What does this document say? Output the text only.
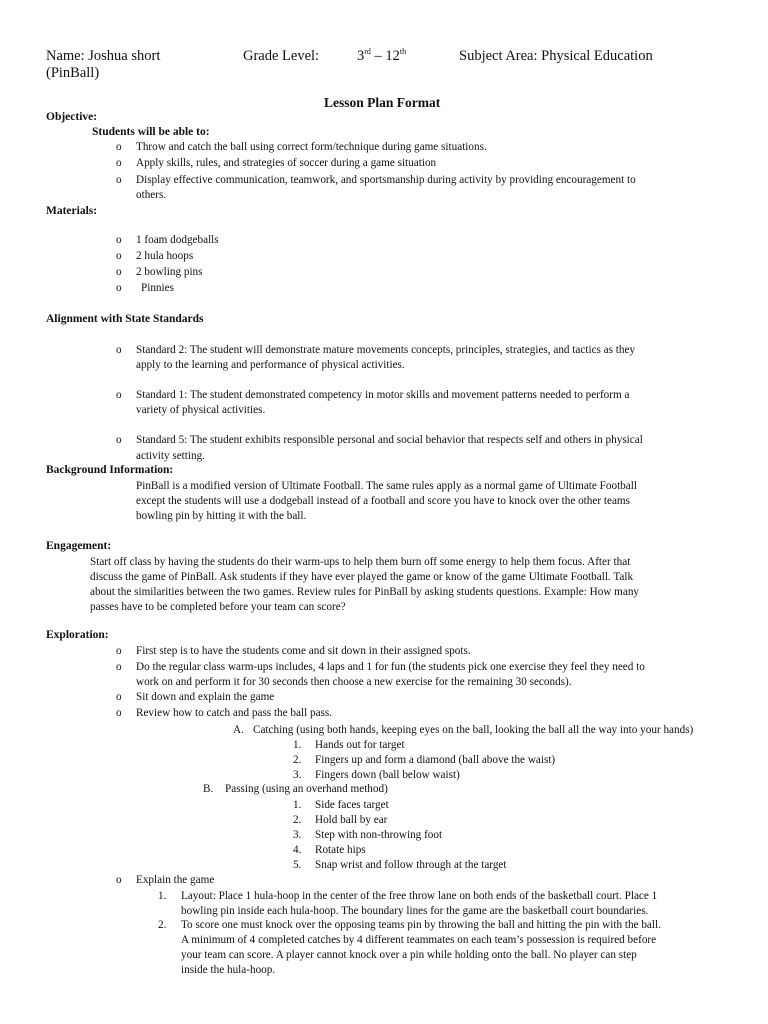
Name: Joshua short
(PinBall)
Grade Level:	3rd – 12th	Subject Area: Physical Education
Lesson Plan Format
Objective:
Students will be able to:
o Throw and catch the ball using correct form/technique during game situations.
o Apply skills, rules, and strategies of soccer during a game situation
o Display effective communication, teamwork, and sportsmanship during activity by providing encouragement to
others.
Materials:
o 1 foam dodgeballs
o 2 hula hoops
o 2 bowling pins
o Pinnies
Alignment with State Standards
o Standard 2: The student will demonstrate mature movements concepts, principles, strategies, and tactics as they
apply to the learning and performance of physical activities.
o Standard 1: The student demonstrated competency in motor skills and movement patterns needed to perform a
variety of physical activities.
o Standard 5: The student exhibits responsible personal and social behavior that respects self and others in physical
activity setting.
Background Information:
PinBall is a modified version of Ultimate Football. The same rules apply as a normal game of Ultimate Football
except the students will use a dodgeball instead of a football and score you have to knock over the other teams
bowling pin by hitting it with the ball.
Engagement:
Start off class by having the students do their warm-ups to help them burn off some energy to help them focus. After that
discuss the game of PinBall. Ask students if they have ever played the game or know of the game Ultimate Football. Talk
about the similarities between the two games. Review rules for PinBall by asking students questions. Example: How many
passes have to be completed before your team can score?
Exploration:
o First step is to have the students come and sit down in their assigned spots.
o Do the regular class warm-ups includes, 4 laps and 1 for fun (the students pick one exercise they feel they need to
work on and perform it for 30 seconds then choose a new exercise for the remaining 30 seconds).
o Sit down and explain the game
o Review how to catch and pass the ball pass.
A. Catching (using both hands, keeping eyes on the ball, looking the ball all the way into your hands)
1. Hands out for target
2. Fingers up and form a diamond (ball above the waist)
3. Fingers down (ball below waist)
B. Passing (using an overhand method)
1. Side faces target
2. Hold ball by ear
3. Step with non-throwing foot
4. Rotate hips
5. Snap wrist and follow through at the target
o Explain the game
1. Layout: Place 1 hula-hoop in the center of the free throw lane on both ends of the basketball court. Place 1
bowling pin inside each hula-hoop. The boundary lines for the game are the basketball court boundaries.
2. To score one must knock over the opposing teams pin by throwing the ball and hitting the pin with the ball.
A minimum of 4 completed catches by 4 different teammates on each team’s possession is required before
your team can score. A player cannot knock over a pin while holding onto the ball. No player can step
inside the hula-hoop.
